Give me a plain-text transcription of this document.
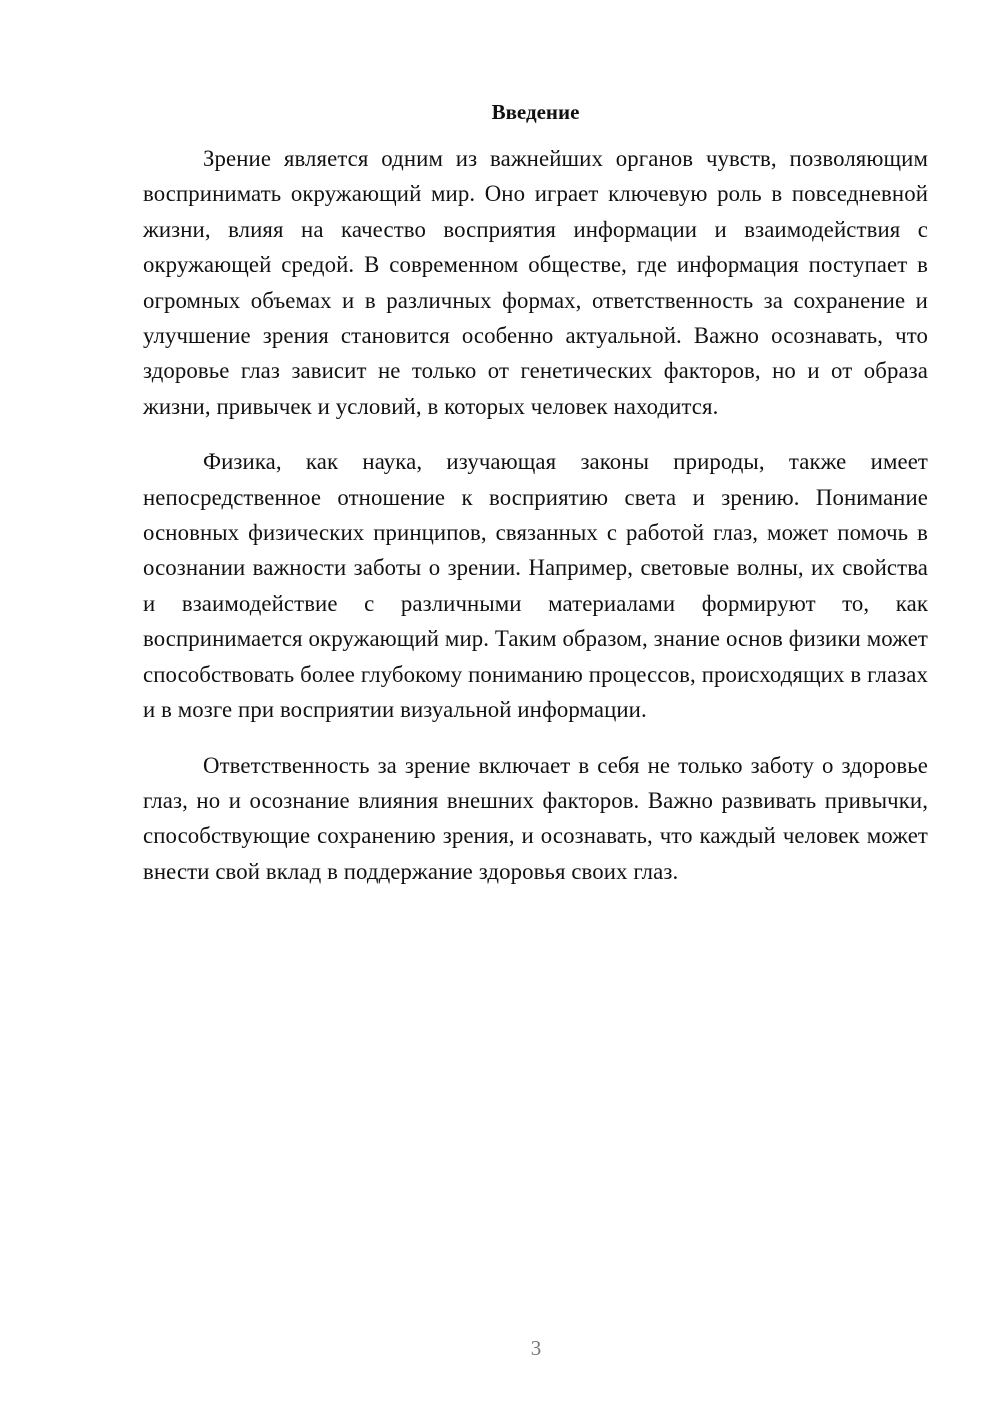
Введение

Зрение является одним из важнейших органов чувств, позволяющим воспринимать окружающий мир. Оно играет ключевую роль в повседневной жизни, влияя на качество восприятия информации и взаимодействия с окружающей средой. В современном обществе, где информация поступает в огромных объемах и в различных формах, ответственность за сохранение и улучшение зрения становится особенно актуальной. Важно осознавать, что здоровье глаз зависит не только от генетических факторов, но и от образа жизни, привычек и условий, в которых человек находится.

Физика, как наука, изучающая законы природы, также имеет непосредственное отношение к восприятию света и зрению. Понимание основных физических принципов, связанных с работой глаз, может помочь в осознании важности заботы о зрении. Например, световые волны, их свойства и взаимодействие с различными материалами формируют то, как воспринимается окружающий мир. Таким образом, знание основ физики может способствовать более глубокому пониманию процессов, происходящих в глазах и в мозге при восприятии визуальной информации.

Ответственность за зрение включает в себя не только заботу о здоровье глаз, но и осознание влияния внешних факторов. Важно развивать привычки, способствующие сохранению зрения, и осознавать, что каждый человек может внести свой вклад в поддержание здоровья своих глаз.

3
